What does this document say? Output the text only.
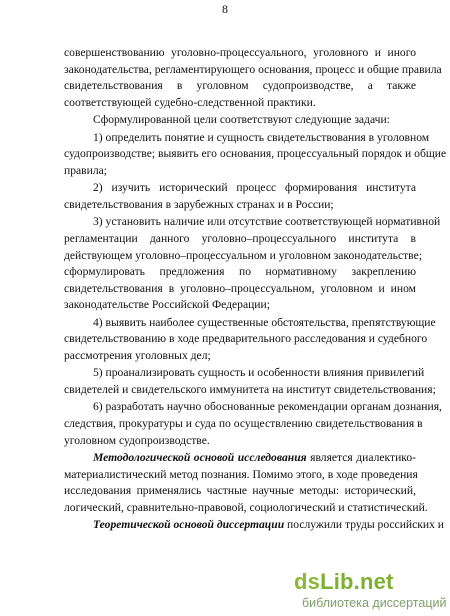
8

совершенствованию уголовно-процессуального, уголовного и иного
законодательства, регламентирующего основания, процесс и общие правила
свидетельствования в уголовном судопроизводстве, а также
соответствующей судебно-следственной практики.

Сформулированной цели соответствуют следующие задачи:

1) определить понятие и сущность свидетельствования в уголовном
судопроизводстве; выявить его основания, процессуальный порядок и общие
правила;

2) изучить исторический процесс формирования института
свидетельствования в зарубежных странах и в России;

3) установить наличие или отсутствие соответствующей нормативной
регламентации данного уголовно–процессуального института в
действующем уголовно–процессуальном и уголовном законодательстве;
сформулировать предложения по нормативному закреплению
свидетельствования в уголовно–процессуальном, уголовном и ином
законодательстве Российской Федерации;

4) выявить наиболее существенные обстоятельства, препятствующие
свидетельствованию в ходе предварительного расследования и судебного
рассмотрения уголовных дел;

5) проанализировать сущность и особенности влияния привилегий
свидетелей и свидетельского иммунитета на институт свидетельствования;

6) разработать научно обоснованные рекомендации органам дознания,
следствия, прокуратуры и суда по осуществлению свидетельствования в
уголовном судопроизводстве.

Методологической основой исследования является диалектико-
материалистический метод познания. Помимо этого, в ходе проведения
исследования применялись частные научные методы: исторический,
логический, сравнительно-правовой, социологический и статистический.

Теоретической основой диссертации послужили труды российских и

dsLib.net
библиотека диссертаций
